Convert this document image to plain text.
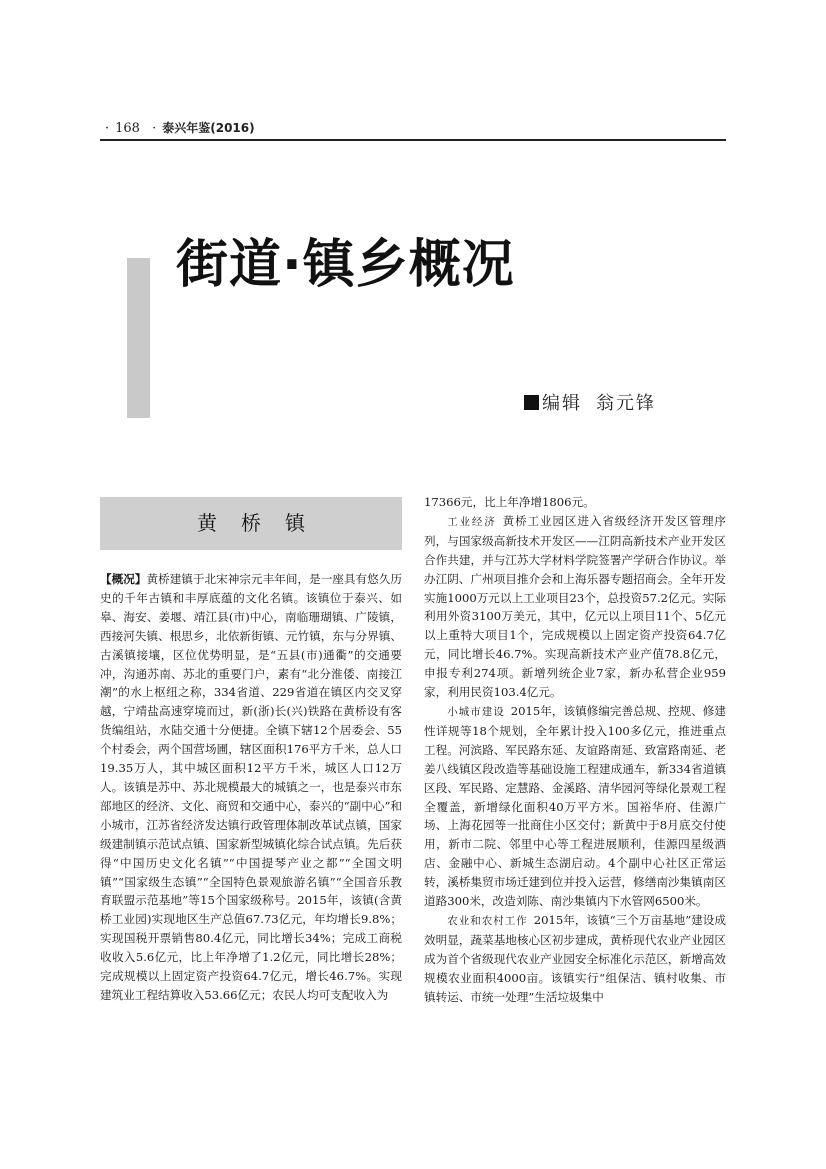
· 168 · 泰兴年鉴(2016)
街道·镇乡概况
编辑 翁元锋
黄桥镇

【概况】黄桥建镇于北宋神宗元丰年间，是一座具有悠久历史的千年古镇和丰厚底蕴的文化名镇。该镇位于泰兴、如皋、海安、姜堰、靖江县(市)中心，南临珊瑚镇、广陵镇，西接河失镇、根思乡，北依新街镇、元竹镇，东与分界镇、古溪镇接壤，区位优势明显，是“五县(市)通衢”的交通要冲，沟通苏南、苏北的重要门户，素有“北分淮倭、南接江潮”的水上枢纽之称，334省道、229省道在镇区内交叉穿越，宁靖盐高速穿境而过，新(浙)长(兴)铁路在黄桥设有客货编组站，水陆交通十分便捷。全镇下辖12个居委会、55个村委会，两个国营场圃，辖区面积176平方千米，总人口19.35万人，其中城区面积12平方千米，城区人口12万人。该镇是苏中、苏北规模最大的城镇之一，也是泰兴市东部地区的经济、文化、商贸和交通中心，泰兴的“副中心”和小城市，江苏省经济发达镇行政管理体制改革试点镇，国家级建制镇示范试点镇、国家新型城镇化综合试点镇。先后获得“中国历史文化名镇”“中国提琴产业之都”“全国文明镇”“国家级生态镇”“全国特色景观旅游名镇”“全国音乐教育联盟示范基地”等15个国家级称号。2015年，该镇(含黄桥工业园)实现地区生产总值67.73亿元，年均增长9.8%；实现国税开票销售80.4亿元，同比增长34%；完成工商税收收入5.6亿元，比上年净增了1.2亿元，同比增长28%；完成规模以上固定资产投资64.7亿元，增长46.7%。实现建筑业工程结算收入53.66亿元；农民人均可支配收入为

17366元，比上年净增1806元。

工业经济 黄桥工业园区进入省级经济开发区管理序列，与国家级高新技术开发区——江阴高新技术产业开发区合作共建，并与江苏大学材料学院签署产学研合作协议。举办江阴、广州项目推介会和上海乐器专题招商会。全年开发实施1000万元以上工业项目23个，总投资57.2亿元。实际利用外资3100万美元，其中，亿元以上项目11个、5亿元以上重特大项目1个，完成规模以上固定资产投资64.7亿元，同比增长46.7%。实现高新技术产业产值78.8亿元，申报专利274项。新增列统企业7家，新办私营企业959家，利用民资103.4亿元。

小城市建设 2015年，该镇修编完善总规、控规、修建性详规等18个规划，全年累计投入100多亿元，推进重点工程。河滨路、军民路东延、友谊路南延、致富路南延、老姜八线镇区段改造等基础设施工程建成通车，新334省道镇区段、军民路、定慧路、金溪路、清华园河等绿化景观工程全覆盖，新增绿化面积40万平方米。国裕华府、佳源广场、上海花园等一批商住小区交付；新黄中于8月底交付使用，新市二院、邻里中心等工程进展顺利，佳源四星级酒店、金融中心、新城生态湖启动。4个副中心社区正常运转，溪桥集贸市场迁建到位并投入运营，修缮南沙集镇南区道路300米，改造刘陈、南沙集镇内下水管网6500米。

农业和农村工作 2015年，该镇“三个万亩基地”建设成效明显，蔬菜基地核心区初步建成，黄桥现代农业产业园区成为首个省级现代农业产业园安全标准化示范区，新增高效规模农业面积4000亩。该镇实行“组保洁、镇村收集、市镇转运、市统一处理”生活垃圾集中
